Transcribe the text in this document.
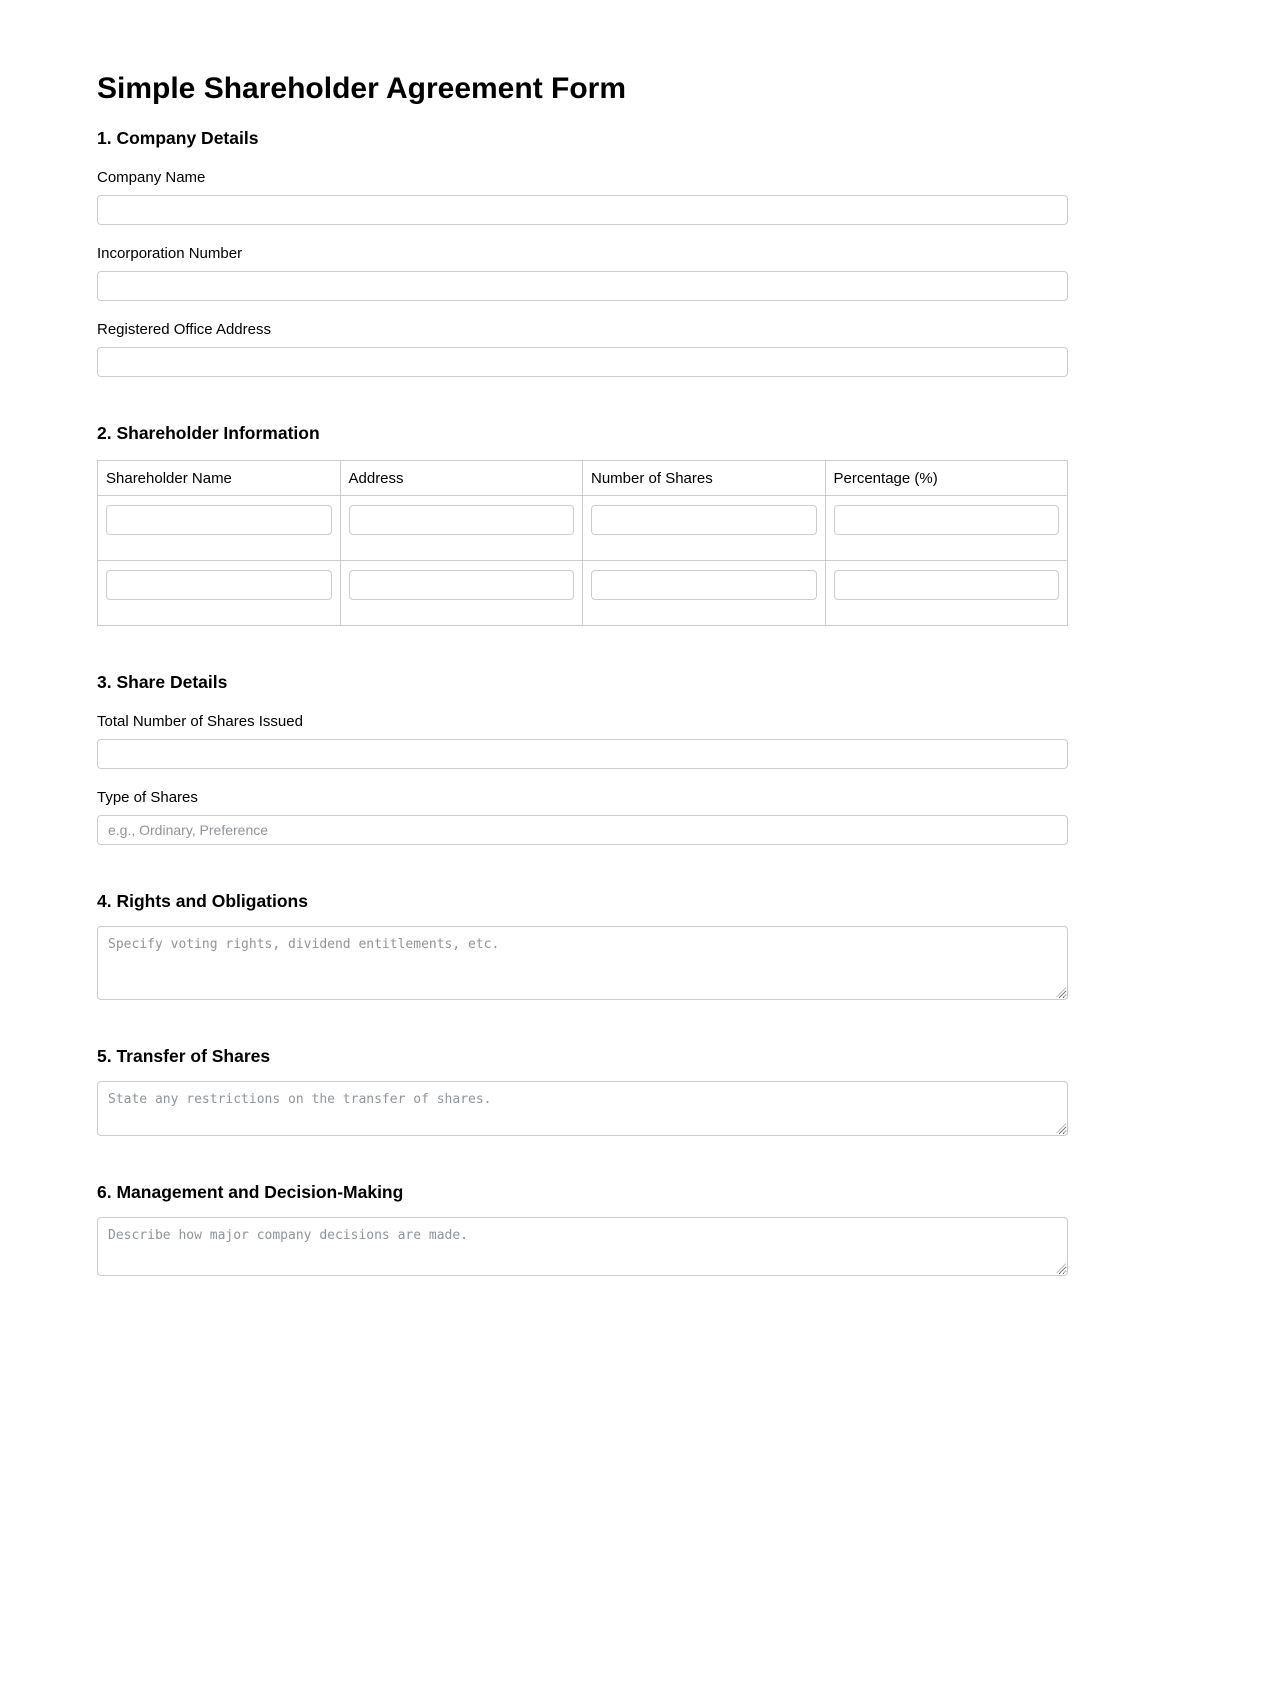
Simple Shareholder Agreement Form
1. Company Details
Company Name
Incorporation Number
Registered Office Address
2. Shareholder Information
Shareholder Name	Address	Number of Shares	Percentage (%)

3. Share Details
Total Number of Shares Issued
Type of Shares
e.g., Ordinary, Preference
4. Rights and Obligations
Specify voting rights, dividend entitlements, etc.
5. Transfer of Shares
State any restrictions on the transfer of shares.
6. Management and Decision-Making
Describe how major company decisions are made.
